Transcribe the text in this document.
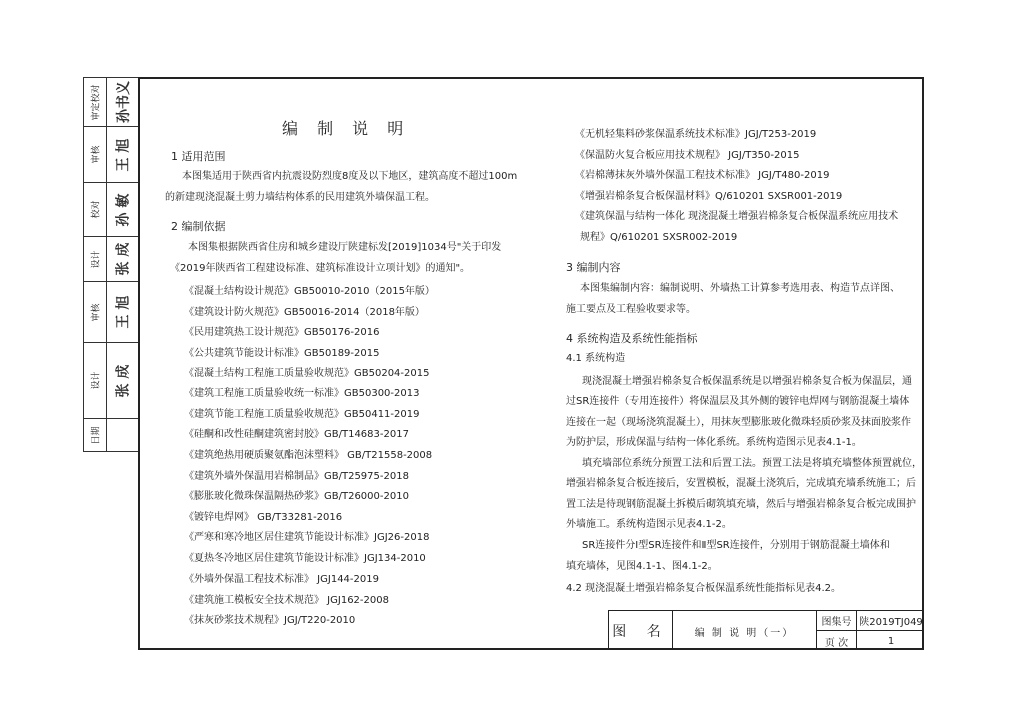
审定校对 孙书义
审核 王 旭
校对 孙 敏
设计 张 成
审核 王 旭
设计 张 成
日期
编 制 说 明
1 适用范围
本图集适用于陕西省内抗震设防烈度8度及以下地区，建筑高度不超过100m
的新建现浇混凝土剪力墙结构体系的民用建筑外墙保温工程。
2 编制依据
本图集根据陕西省住房和城乡建设厅陕建标发[2019]1034号"关于印发
《2019年陕西省工程建设标准、建筑标准设计立项计划》的通知"。
《混凝土结构设计规范》GB50010-2010（2015年版）
《建筑设计防火规范》GB50016-2014（2018年版）
《民用建筑热工设计规范》GB50176-2016
《公共建筑节能设计标准》GB50189-2015
《混凝土结构工程施工质量验收规范》GB50204-2015
《建筑工程施工质量验收统一标准》GB50300-2013
《建筑节能工程施工质量验收规范》GB50411-2019
《硅酮和改性硅酮建筑密封胶》GB/T14683-2017
《建筑绝热用硬质聚氨酯泡沫塑料》 GB/T21558-2008
《建筑外墙外保温用岩棉制品》GB/T25975-2018
《膨胀玻化微珠保温隔热砂浆》GB/T26000-2010
《镀锌电焊网》 GB/T33281-2016
《严寒和寒冷地区居住建筑节能设计标准》JGJ26-2018
《夏热冬冷地区居住建筑节能设计标准》JGJ134-2010
《外墙外保温工程技术标准》 JGJ144-2019
《建筑施工模板安全技术规范》 JGJ162-2008
《抹灰砂浆技术规程》JGJ/T220-2010
《无机轻集料砂浆保温系统技术标准》JGJ/T253-2019
《保温防火复合板应用技术规程》 JGJ/T350-2015
《岩棉薄抹灰外墙外保温工程技术标准》 JGJ/T480-2019
《增强岩棉条复合板保温材料》Q/610201 SXSR001-2019
《建筑保温与结构一体化 现浇混凝土增强岩棉条复合板保温系统应用技术
规程》Q/610201 SXSR002-2019
3 编制内容
本图集编制内容：编制说明、外墙热工计算参考选用表、构造节点详图、
施工要点及工程验收要求等。
4 系统构造及系统性能指标
4.1 系统构造
现浇混凝土增强岩棉条复合板保温系统是以增强岩棉条复合板为保温层，通
过SR连接件（专用连接件）将保温层及其外侧的镀锌电焊网与钢筋混凝土墙体
连接在一起（现场浇筑混凝土），用抹灰型膨胀玻化微珠轻质砂浆及抹面胶浆作
为防护层，形成保温与结构一体化系统。系统构造图示见表4.1-1。
填充墙部位系统分预置工法和后置工法。预置工法是将填充墙整体预置就位，
增强岩棉条复合板连接后，安置模板，混凝土浇筑后，完成填充墙系统施工；后
置工法是待现钢筋混凝土拆模后砌筑填充墙，然后与增强岩棉条复合板完成围护
外墙施工。系统构造图示见表4.1-2。
SR连接件分Ⅰ型SR连接件和Ⅱ型SR连接件，分别用于钢筋混凝土墙体和
填充墙体，见图4.1-1、图4.1-2。
4.2 现浇混凝土增强岩棉条复合板保温系统性能指标见表4.2。
图 名	编 制 说 明（一）
图集号 陕2019TJ049
页 次	1
